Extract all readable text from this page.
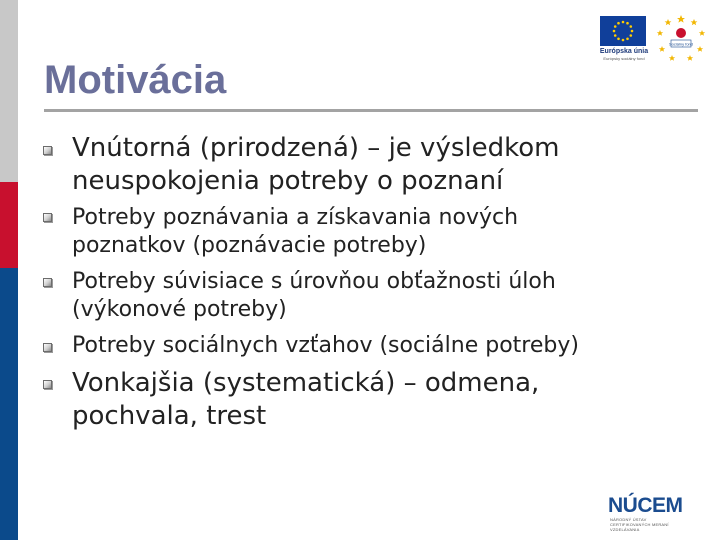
Európska únia
Európsky sociálny fond
Sociálny fond
Motivácia
Vnútorná (prirodzená) – je výsledkom
neuspokojenia potreby o poznaní
Potreby poznávania a získavania nových
poznatkov (poznávacie potreby)
Potreby súvisiace s úrovňou obťažnosti úloh
(výkonové potreby)
Potreby sociálnych vzťahov (sociálne potreby)
Vonkajšia (systematická) – odmena,
pochvala, trest
NÚCEM
NÁRODNÝ ÚSTAV CERTIFIKOVANÝCH MERANÍ VZDELÁVANIA
